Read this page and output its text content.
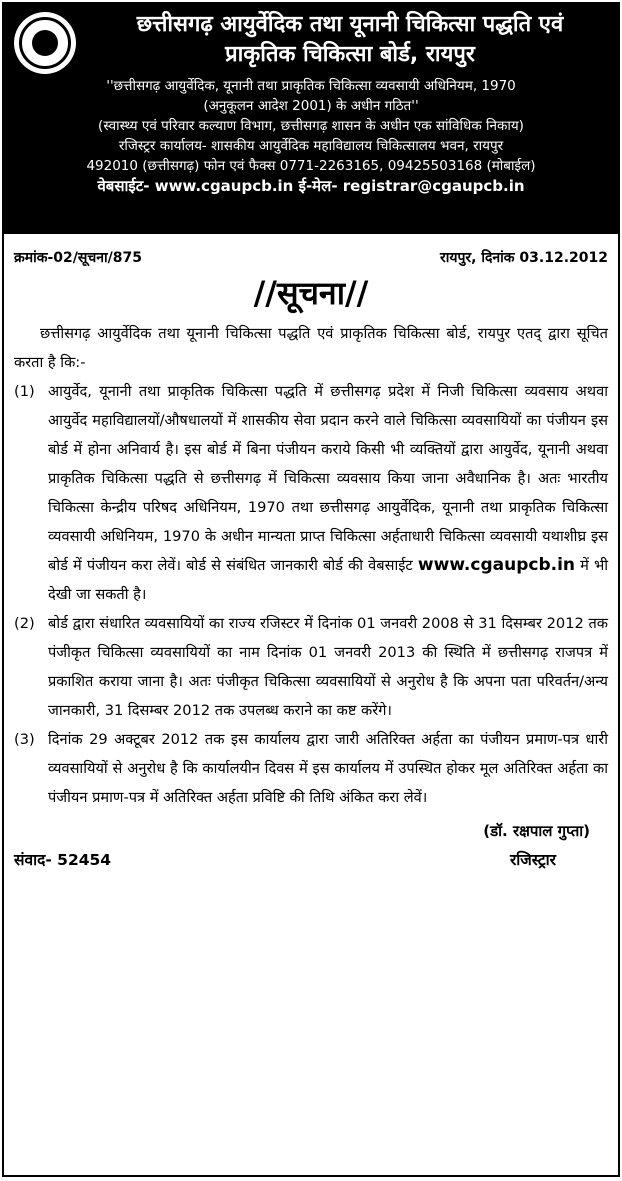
छत्तीसगढ़ आयुर्वेदिक तथा यूनानी चिकित्सा पद्धति एवं
प्राकृतिक चिकित्सा बोर्ड, रायपुर
''छत्तीसगढ़ आयुर्वेदिक, यूनानी तथा प्राकृतिक चिकित्सा व्यवसायी अधिनियम, 1970
(अनुकूलन आदेश 2001) के अधीन गठित''
(स्वास्थ्य एवं परिवार कल्याण विभाग, छत्तीसगढ़ शासन के अधीन एक सांविधिक निकाय)
रजिस्ट्रर कार्यालय- शासकीय आयुर्वेदिक महाविद्यालय चिकित्सालय भवन, रायपुर
492010 (छत्तीसगढ़) फोन एवं फैक्स 0771-2263165, 09425503168 (मोबाईल)
वेबसाईट- www.cgaupcb.in ई-मेल- registrar@cgaupcb.in
क्रमांक-02/सूचना/875	रायपुर, दिनांक 03.12.2012
//सूचना//

छत्तीसगढ़ आयुर्वेदिक तथा यूनानी चिकित्सा पद्धति एवं प्राकृतिक चिकित्सा बोर्ड, रायपुर एतद् द्वारा सूचित करता है कि:-

(1) आयुर्वेद, यूनानी तथा प्राकृतिक चिकित्सा पद्धति में छत्तीसगढ़ प्रदेश में निजी चिकित्सा व्यवसाय अथवा आयुर्वेद महाविद्यालयों/औषधालयों में शासकीय सेवा प्रदान करने वाले चिकित्सा व्यवसायियों का पंजीयन इस बोर्ड में होना अनिवार्य है। इस बोर्ड में बिना पंजीयन कराये किसी भी व्यक्तियों द्वारा आयुर्वेद, यूनानी अथवा प्राकृतिक चिकित्सा पद्धति से छत्तीसगढ़ में चिकित्सा व्यवसाय किया जाना अवैधानिक है। अतः भारतीय चिकित्सा केन्द्रीय परिषद अधिनियम, 1970 तथा छत्तीसगढ़ आयुर्वेदिक, यूनानी तथा प्राकृतिक चिकित्सा व्यवसायी अधिनियम, 1970 के अधीन मान्यता प्राप्त चिकित्सा अर्हताधारी चिकित्सा व्यवसायी यथाशीघ्र इस बोर्ड में पंजीयन करा लेवें। बोर्ड से संबंधित जानकारी बोर्ड की वेबसाईट www.cgaupcb.in में भी देखी जा सकती है।

(2) बोर्ड द्वारा संधारित व्यवसायियों का राज्य रजिस्टर में दिनांक 01 जनवरी 2008 से 31 दिसम्बर 2012 तक पंजीकृत चिकित्सा व्यवसायियों का नाम दिनांक 01 जनवरी 2013 की स्थिति में छत्तीसगढ़ राजपत्र में प्रकाशित कराया जाना है। अतः पंजीकृत चिकित्सा व्यवसायियों से अनुरोध है कि अपना पता परिवर्तन/अन्य जानकारी, 31 दिसम्बर 2012 तक उपलब्ध कराने का कष्ट करेंगे।

(3) दिनांक 29 अक्टूबर 2012 तक इस कार्यालय द्वारा जारी अतिरिक्त अर्हता का पंजीयन प्रमाण-पत्र धारी व्यवसायियों से अनुरोध है कि कार्यालयीन दिवस में इस कार्यालय में उपस्थित होकर मूल अतिरिक्त अर्हता का पंजीयन प्रमाण-पत्र में अतिरिक्त अर्हता प्रविष्टि की तिथि अंकित करा लेवें।

(डॉ. रक्षपाल गुप्ता)
संवाद- 52454	रजिस्ट्रार
